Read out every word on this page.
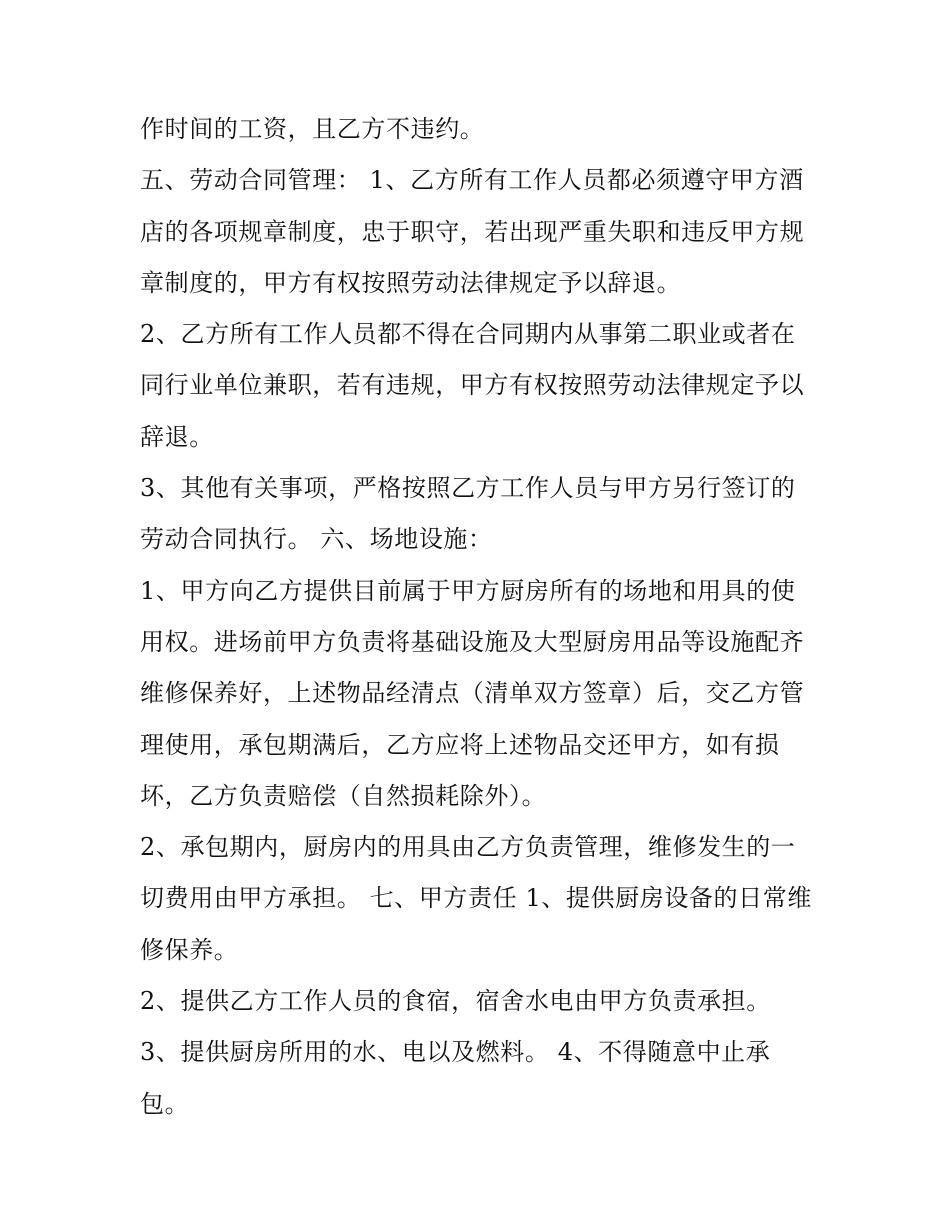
作时间的工资，且乙方不违约。
五、劳动合同管理： 1、乙方所有工作人员都必须遵守甲方酒
店的各项规章制度，忠于职守，若出现严重失职和违反甲方规
章制度的，甲方有权按照劳动法律规定予以辞退。
2、乙方所有工作人员都不得在合同期内从事第二职业或者在
同行业单位兼职，若有违规，甲方有权按照劳动法律规定予以
辞退。
3、其他有关事项，严格按照乙方工作人员与甲方另行签订的
劳动合同执行。 六、场地设施：
1、甲方向乙方提供目前属于甲方厨房所有的场地和用具的使
用权。进场前甲方负责将基础设施及大型厨房用品等设施配齐
维修保养好，上述物品经清点（清单双方签章）后，交乙方管
理使用，承包期满后，乙方应将上述物品交还甲方，如有损
坏，乙方负责赔偿（自然损耗除外）。
2、承包期内，厨房内的用具由乙方负责管理，维修发生的一
切费用由甲方承担。 七、甲方责任 1、提供厨房设备的日常维
修保养。
2、提供乙方工作人员的食宿，宿舍水电由甲方负责承担。
3、提供厨房所用的水、电以及燃料。 4、不得随意中止承
包。
